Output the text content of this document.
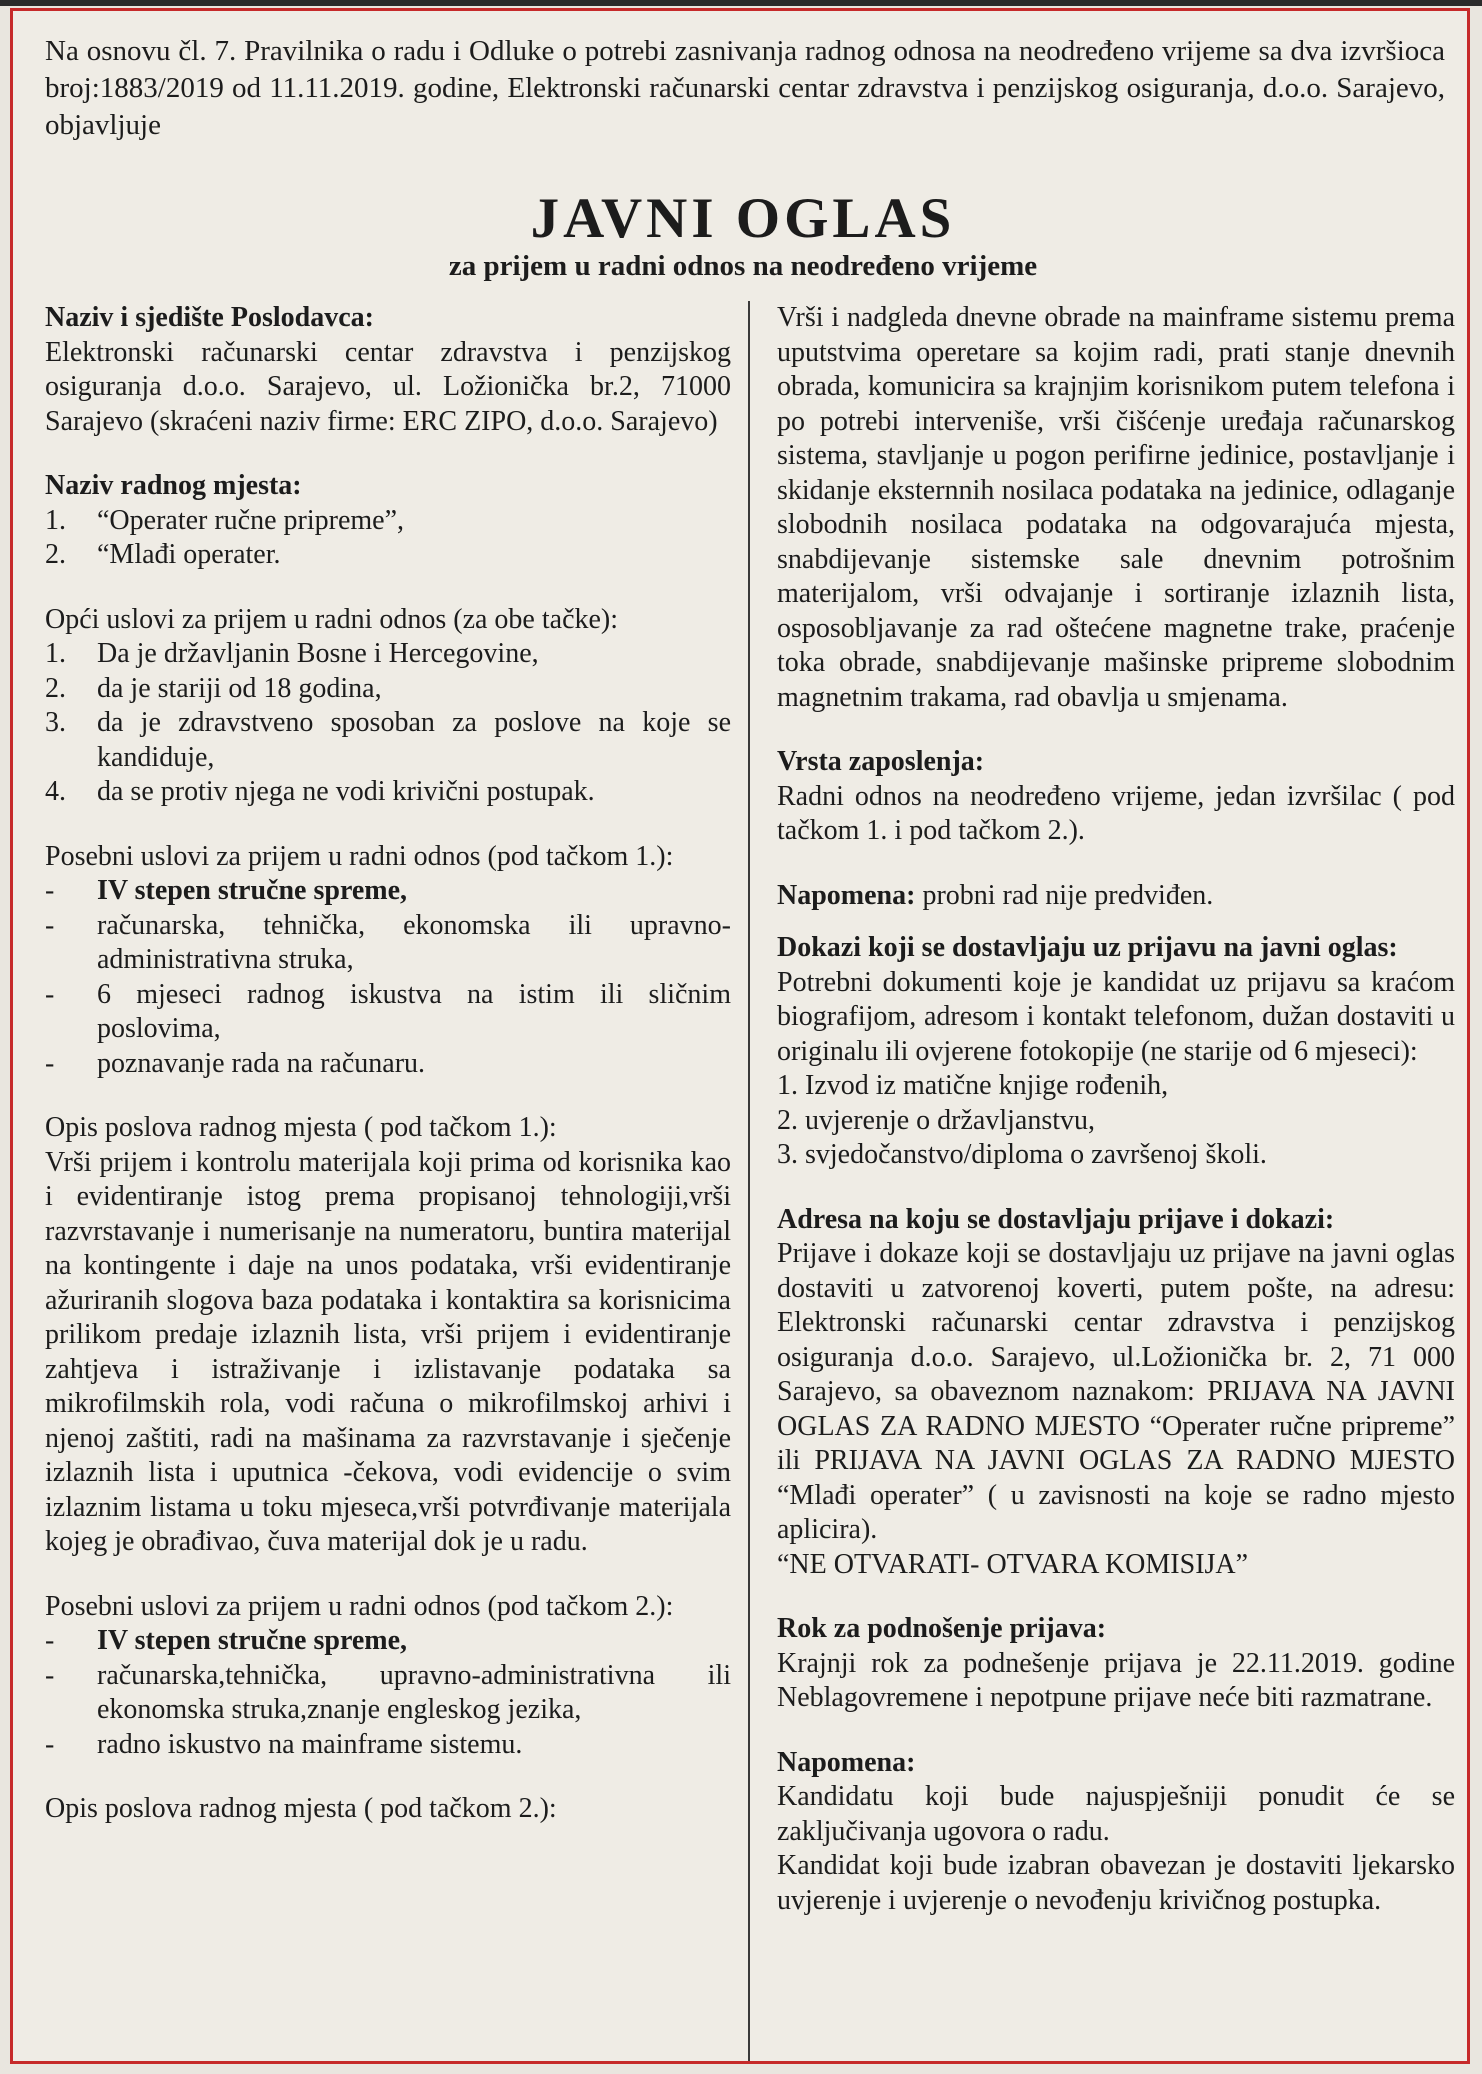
Na osnovu čl. 7. Pravilnika o radu i Odluke o potrebi zasnivanja radnog odnosa na neodređeno vrijeme sa dva izvršioca broj:1883/2019 od 11.11.2019. godine, Elektronski računarski centar zdravstva i penzijskog osiguranja, d.o.o. Sarajevo, objavljuje
JAVNI OGLAS
za prijem u radni odnos na neodređeno vrijeme
Naziv i sjedište Poslodavca:
Elektronski računarski centar zdravstva i penzijskog osiguranja d.o.o. Sarajevo, ul. Ložionička br.2, 71000 Sarajevo (skraćeni naziv firme: ERC ZIPO, d.o.o. Sarajevo)
Naziv radnog mjesta:
1.	“Operater ručne pripreme”,
2.	“Mlađi operater.
Opći uslovi za prijem u radni odnos (za obe tačke):
1.	Da je državljanin Bosne i Hercegovine,
2.	da je stariji od 18 godina,
3.	da je zdravstveno sposoban za poslove na koje se kandiduje,
4.	da se protiv njega ne vodi krivični postupak.
Posebni uslovi za prijem u radni odnos (pod tačkom 1.):
-	IV stepen stručne spreme,
-	računarska, tehnička, ekonomska ili upravno-administrativna struka,
-	6 mjeseci radnog iskustva na istim ili sličnim poslovima,
-	poznavanje rada na računaru.
Opis poslova radnog mjesta ( pod tačkom 1.):
Vrši prijem i kontrolu materijala koji prima od korisnika kao i evidentiranje istog prema propisanoj tehnologiji,vrši razvrstavanje i numerisanje na numeratoru, buntira materijal na kontingente i daje na unos podataka, vrši evidentiranje ažuriranih slogova baza podataka i kontaktira sa korisnicima prilikom predaje izlaznih lista, vrši prijem i evidentiranje zahtjeva i istraživanje i izlistavanje podataka sa mikrofilmskih rola, vodi računa o mikrofilmskoj arhivi i njenoj zaštiti, radi na mašinama za razvrstavanje i sječenje izlaznih lista i uputnica -čekova, vodi evidencije o svim izlaznim listama u toku mjeseca,vrši potvrđivanje materijala kojeg je obrađivao, čuva materijal dok je u radu.
Posebni uslovi za prijem u radni odnos (pod tačkom 2.):
-	IV stepen stručne spreme,
-	računarska,tehnička, upravno-administrativna ili ekonomska struka,znanje engleskog jezika,
-	radno iskustvo na mainframe sistemu.
Opis poslova radnog mjesta ( pod tačkom 2.):
Vrši i nadgleda dnevne obrade na mainframe sistemu prema uputstvima operetare sa kojim radi, prati stanje dnevnih obrada, komunicira sa krajnjim korisnikom putem telefona i po potrebi interveniše, vrši čišćenje uređaja računarskog sistema, stavljanje u pogon perifirne jedinice, postavljanje i skidanje eksternnih nosilaca podataka na jedinice, odlaganje slobodnih nosilaca podataka na odgovarajuća mjesta, snabdijevanje sistemske sale dnevnim potrošnim materijalom, vrši odvajanje i sortiranje izlaznih lista, osposobljavanje za rad oštećene magnetne trake, praćenje toka obrade, snabdijevanje mašinske pripreme slobodnim magnetnim trakama, rad obavlja u smjenama.
Vrsta zaposlenja:
Radni odnos na neodređeno vrijeme, jedan izvršilac ( pod tačkom 1. i pod tačkom 2.).
Napomena: probni rad nije predviđen.
Dokazi koji se dostavljaju uz prijavu na javni oglas:
Potrebni dokumenti koje je kandidat uz prijavu sa kraćom biografijom, adresom i kontakt telefonom, dužan dostaviti u originalu ili ovjerene fotokopije (ne starije od 6 mjeseci):
1. Izvod iz matične knjige rođenih,
2. uvjerenje o državljanstvu,
3. svjedočanstvo/diploma o završenoj školi.
Adresa na koju se dostavljaju prijave i dokazi:
Prijave i dokaze koji se dostavljaju uz prijave na javni oglas dostaviti u zatvorenoj koverti, putem pošte, na adresu: Elektronski računarski centar zdravstva i penzijskog osiguranja d.o.o. Sarajevo, ul.Ložionička br. 2, 71 000 Sarajevo, sa obaveznom naznakom: PRIJAVA NA JAVNI OGLAS ZA RADNO MJESTO “Operater ručne pripreme” ili PRIJAVA NA JAVNI OGLAS ZA RADNO MJESTO “Mlađi operater” ( u zavisnosti na koje se radno mjesto aplicira).
“NE OTVARATI- OTVARA KOMISIJA”
Rok za podnošenje prijava:
Krajnji rok za podnešenje prijava je 22.11.2019. godine Neblagovremene i nepotpune prijave neće biti razmatrane.
Napomena:
Kandidatu koji bude najuspješniji ponudit će se zaključivanja ugovora o radu.
Kandidat koji bude izabran obavezan je dostaviti ljekarsko uvjerenje i uvjerenje o nevođenju krivičnog postupka.
